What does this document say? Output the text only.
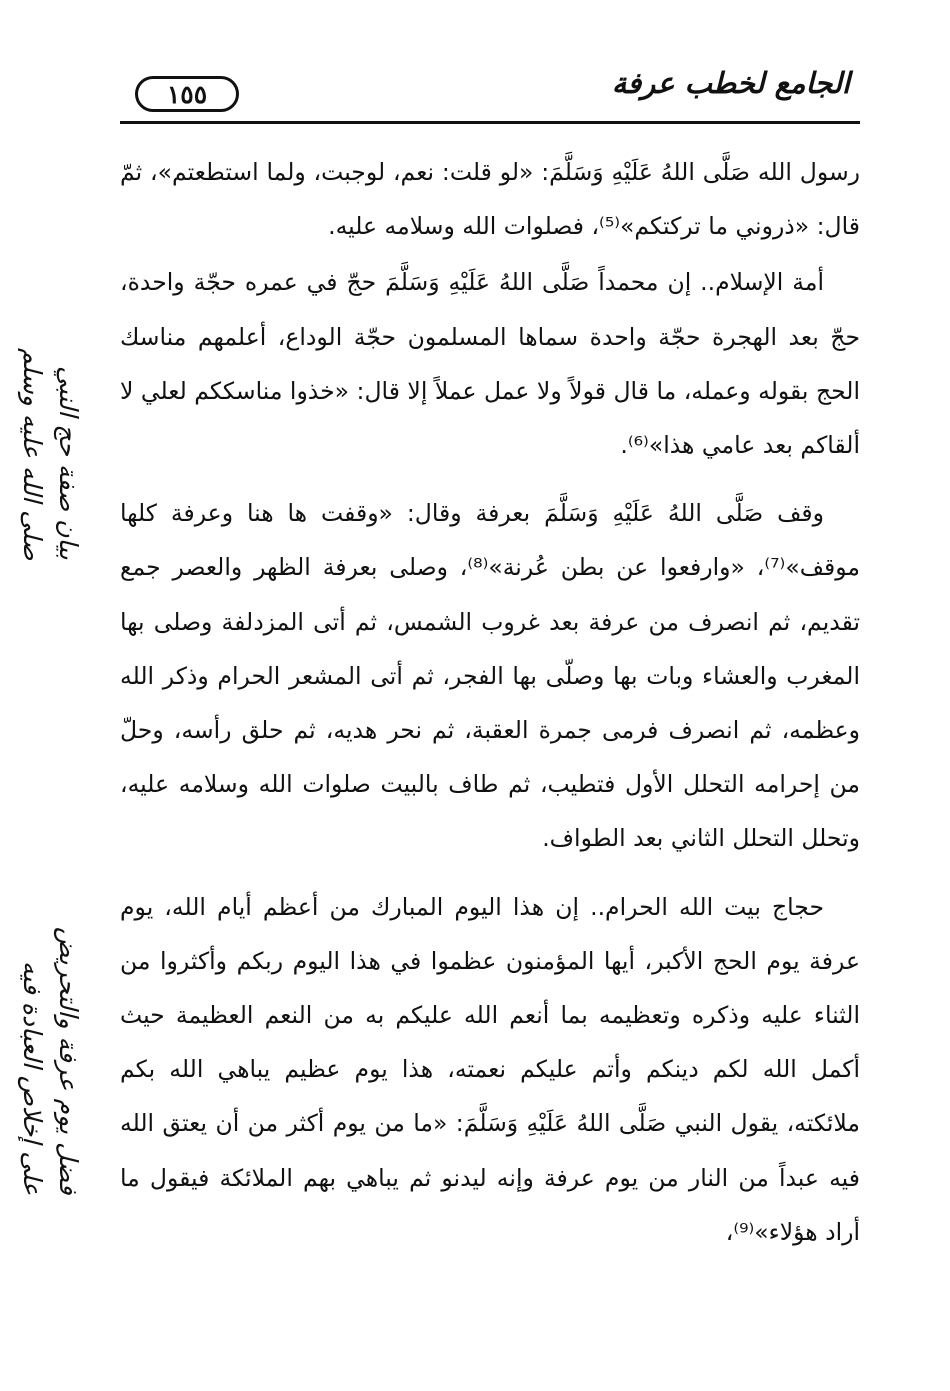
١٥٥	الجامع لخطب عرفة

رسول الله صَلَّى اللهُ عَلَيْهِ وَسَلَّمَ: «لو قلت: نعم، لوجبت، ولما استطعتم»، ثمّ قال: «ذروني ما تركتكم»⁽⁵⁾، فصلوات الله وسلامه عليه.

أمة الإسلام.. إن محمداً صَلَّى اللهُ عَلَيْهِ وَسَلَّمَ حجّ في عمره حجّة واحدة، حجّ بعد الهجرة حجّة واحدة سماها المسلمون حجّة الوداع، أعلمهم مناسك الحج بقوله وعمله، ما قال قولاً ولا عمل عملاً إلا قال: «خذوا مناسككم لعلي لا ألقاكم بعد عامي هذا»⁽⁶⁾.

وقف صَلَّى اللهُ عَلَيْهِ وَسَلَّمَ بعرفة وقال: «وقفت ها هنا وعرفة كلها موقف»⁽⁷⁾، «وارفعوا عن بطن عُرنة»⁽⁸⁾، وصلى بعرفة الظهر والعصر جمع تقديم، ثم انصرف من عرفة بعد غروب الشمس، ثم أتى المزدلفة وصلى بها المغرب والعشاء وبات بها وصلّى بها الفجر، ثم أتى المشعر الحرام وذكر الله وعظمه، ثم انصرف فرمى جمرة العقبة، ثم نحر هديه، ثم حلق رأسه، وحلّ من إحرامه التحلل الأول فتطيب، ثم طاف بالبيت صلوات الله وسلامه عليه، وتحلل التحلل الثاني بعد الطواف.

حجاج بيت الله الحرام.. إن هذا اليوم المبارك من أعظم أيام الله، يوم عرفة يوم الحج الأكبر، أيها المؤمنون عظموا في هذا اليوم ربكم وأكثروا من الثناء عليه وذكره وتعظيمه بما أنعم الله عليكم به من النعم العظيمة حيث أكمل الله لكم دينكم وأتم عليكم نعمته، هذا يوم عظيم يباهي الله بكم ملائكته، يقول النبي صَلَّى اللهُ عَلَيْهِ وَسَلَّمَ: «ما من يوم أكثر من أن يعتق الله فيه عبداً من النار من يوم عرفة وإنه ليدنو ثم يباهي بهم الملائكة فيقول ما أراد هؤلاء»⁽⁹⁾،

بيان صفة حج النبي
صلى الله عليه وسلم
فضل يوم عرفة والتحريض
على إخلاص العبادة فيه
